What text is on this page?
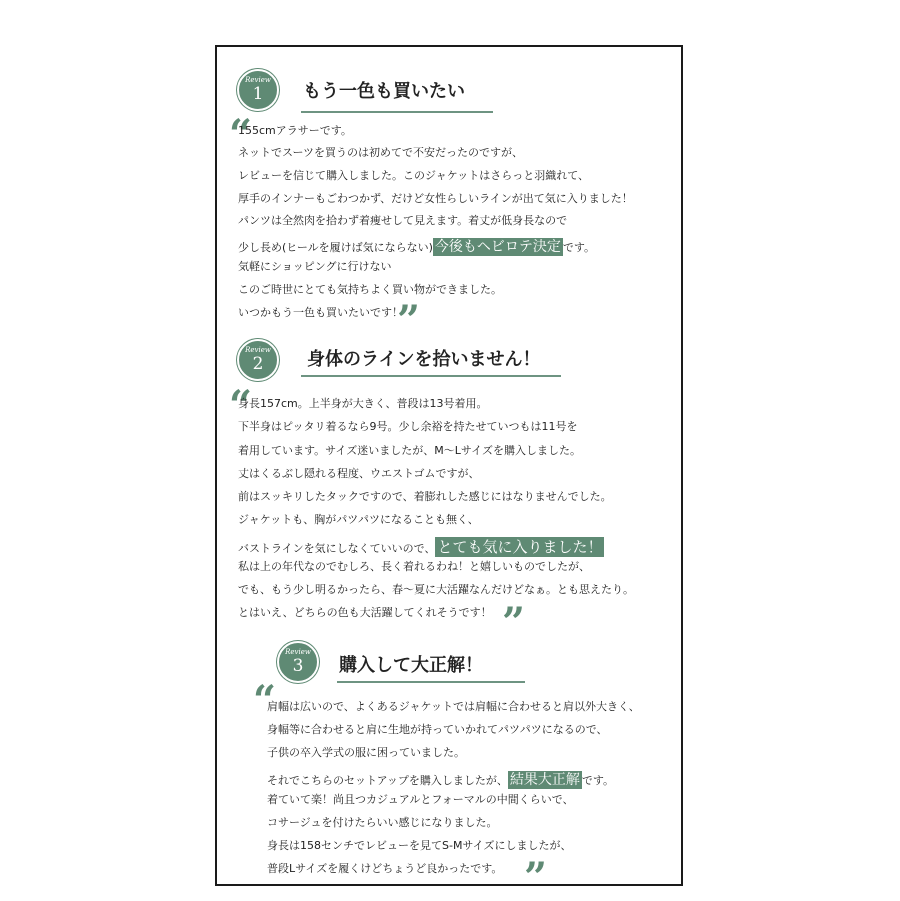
Review
1	もう一色も買いたい
“
155cmアラサーです。
ネットでスーツを買うのは初めてで不安だったのですが、
レビューを信じて購入しました。このジャケットはさらっと羽織れて、
厚手のインナーもごわつかず、だけど女性らしいラインが出て気に入りました！
パンツは全然肉を拾わず着痩せして見えます。着丈が低身長なので
少し長め(ヒールを履けば気にならない) 今後もヘビロテ決定 です。
気軽にショッピングに行けない
このご時世にとても気持ちよく買い物ができました。
いつかもう一色も買いたいです！
”
Review
2	身体のラインを拾いません！
“
身長157cm。上半身が大きく、普段は13号着用。
下半身はピッタリ着るなら9号。少し余裕を持たせていつもは11号を
着用しています。サイズ迷いましたが、M〜Lサイズを購入しました。
丈はくるぶし隠れる程度、ウエストゴムですが、
前はスッキリしたタックですので、着膨れした感じにはなりませんでした。
ジャケットも、胸がパツパツになることも無く、
バストラインを気にしなくていいので、 とても気に入りました！
私は上の年代なのでむしろ、長く着れるわね！と嬉しいものでしたが、
でも、もう少し明るかったら、春〜夏に大活躍なんだけどなぁ。とも思えたり。
とはいえ、どちらの色も大活躍してくれそうです！ ”
Review
3	購入して大正解！
“
肩幅は広いので、よくあるジャケットでは肩幅に合わせると肩以外大きく、
身幅等に合わせると肩に生地が持っていかれてパツパツになるので、
子供の卒入学式の服に困っていました。
それでこちらのセットアップを購入しましたが、 結果大正解 です。
着ていて楽！尚且つカジュアルとフォーマルの中間くらいで、
コサージュを付けたらいい感じになりました。
身長は158センチでレビューを見てS-Mサイズにしましたが、
普段Lサイズを履くけどちょうど良かったです。 ”
